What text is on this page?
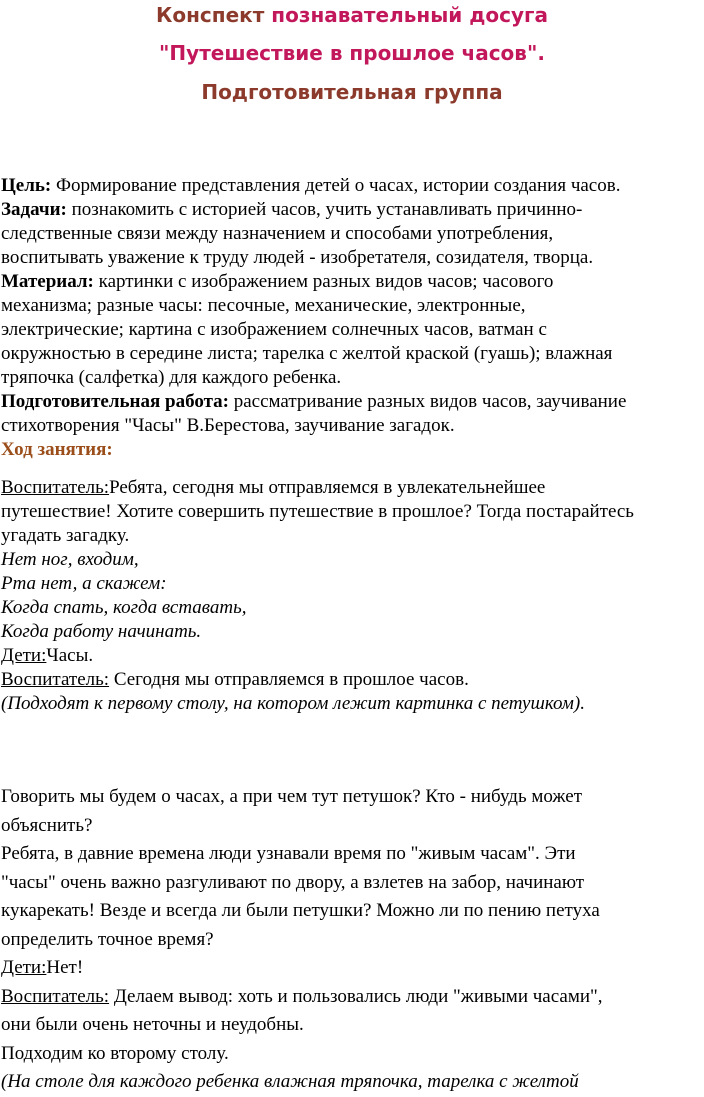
Конспект познавательный досуга
"Путешествие в прошлое часов".
Подготовительная группа
Цель: Формирование представления детей о часах, истории создания часов.
Задачи: познакомить с историей часов, учить устанавливать причинно-
следственные связи между назначением и способами употребления,
воспитывать уважение к труду людей - изобретателя, созидателя, творца.
Материал: картинки с изображением разных видов часов; часового
механизма; разные часы: песочные, механические, электронные,
электрические; картина с изображением солнечных часов, ватман с
окружностью в середине листа; тарелка с желтой краской (гуашь); влажная
тряпочка (салфетка) для каждого ребенка.
Подготовительная работа: рассматривание разных видов часов, заучивание
стихотворения "Часы" В.Берестова, заучивание загадок.
Ход занятия:
Воспитатель:Ребята, сегодня мы отправляемся в увлекательнейшее
путешествие! Хотите совершить путешествие в прошлое? Тогда постарайтесь
угадать загадку.
Нет ног, входим,
Рта нет, а скажем:
Когда спать, когда вставать,
Когда работу начинать.
Дети:Часы.
Воспитатель: Сегодня мы отправляемся в прошлое часов.
(Подходят к первому столу, на котором лежит картинка с петушком).
Говорить мы будем о часах, а при чем тут петушок? Кто - нибудь может
объяснить?
Ребята, в давние времена люди узнавали время по "живым часам". Эти
"часы" очень важно разгуливают по двору, а взлетев на забор, начинают
кукарекать! Везде и всегда ли были петушки? Можно ли по пению петуха
определить точное время?
Дети:Нет!
Воспитатель: Делаем вывод: хоть и пользовались люди "живыми часами",
они были очень неточны и неудобны.
Подходим ко второму столу.
(На столе для каждого ребенка влажная тряпочка, тарелка с желтой
